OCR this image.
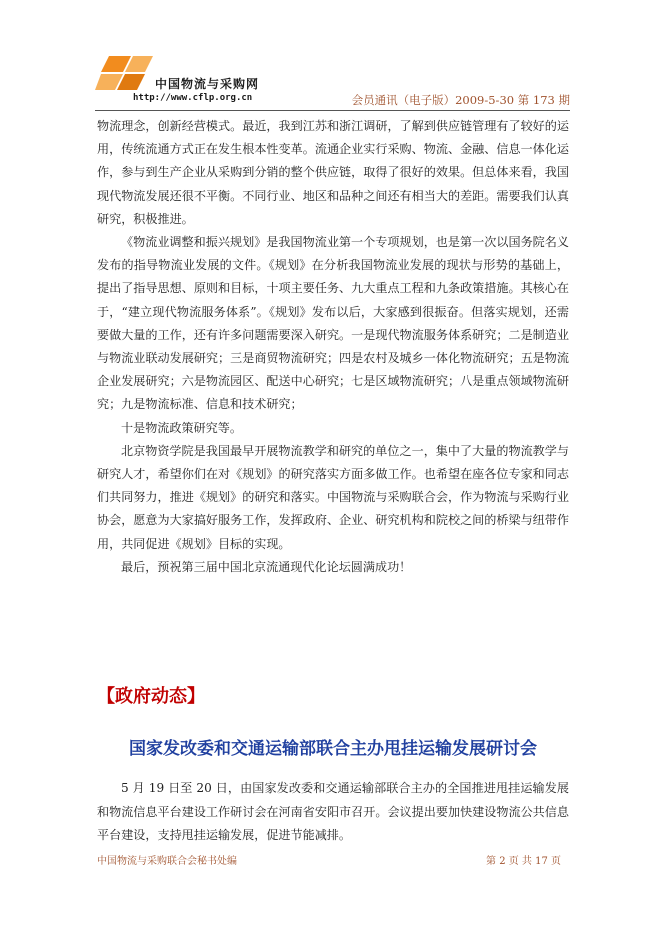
中国物流与采购网
http://www.cflp.org.cn	会员通讯（电子版）2009-5-30 第 173 期

物流理念，创新经营模式。最近，我到江苏和浙江调研，了解到供应链管理有了较好的运用，传统流通方式正在发生根本性变革。流通企业实行采购、物流、金融、信息一体化运作，参与到生产企业从采购到分销的整个供应链，取得了很好的效果。但总体来看，我国现代物流发展还很不平衡。不同行业、地区和品种之间还有相当大的差距。需要我们认真研究，积极推进。

《物流业调整和振兴规划》是我国物流业第一个专项规划，也是第一次以国务院名义发布的指导物流业发展的文件。《规划》在分析我国物流业发展的现状与形势的基础上，提出了指导思想、原则和目标，十项主要任务、九大重点工程和九条政策措施。其核心在于，“建立现代物流服务体系”。《规划》发布以后，大家感到很振奋。但落实规划，还需要做大量的工作，还有许多问题需要深入研究。一是现代物流服务体系研究；二是制造业与物流业联动发展研究；三是商贸物流研究；四是农村及城乡一体化物流研究；五是物流企业发展研究；六是物流园区、配送中心研究；七是区域物流研究；八是重点领域物流研究；九是物流标准、信息和技术研究；

十是物流政策研究等。

北京物资学院是我国最早开展物流教学和研究的单位之一，集中了大量的物流教学与研究人才，希望你们在对《规划》的研究落实方面多做工作。也希望在座各位专家和同志们共同努力，推进《规划》的研究和落实。中国物流与采购联合会，作为物流与采购行业协会，愿意为大家搞好服务工作，发挥政府、企业、研究机构和院校之间的桥梁与纽带作用，共同促进《规划》目标的实现。

最后，预祝第三届中国北京流通现代化论坛圆满成功！

【政府动态】
国家发改委和交通运输部联合主办甩挂运输发展研讨会

5 月 19 日至 20 日，由国家发改委和交通运输部联合主办的全国推进甩挂运输发展和物流信息平台建设工作研讨会在河南省安阳市召开。会议提出要加快建设物流公共信息平台建设，支持甩挂运输发展，促进节能减排。

中国物流与采购联合会秘书处编	第 2 页 共 17 页
